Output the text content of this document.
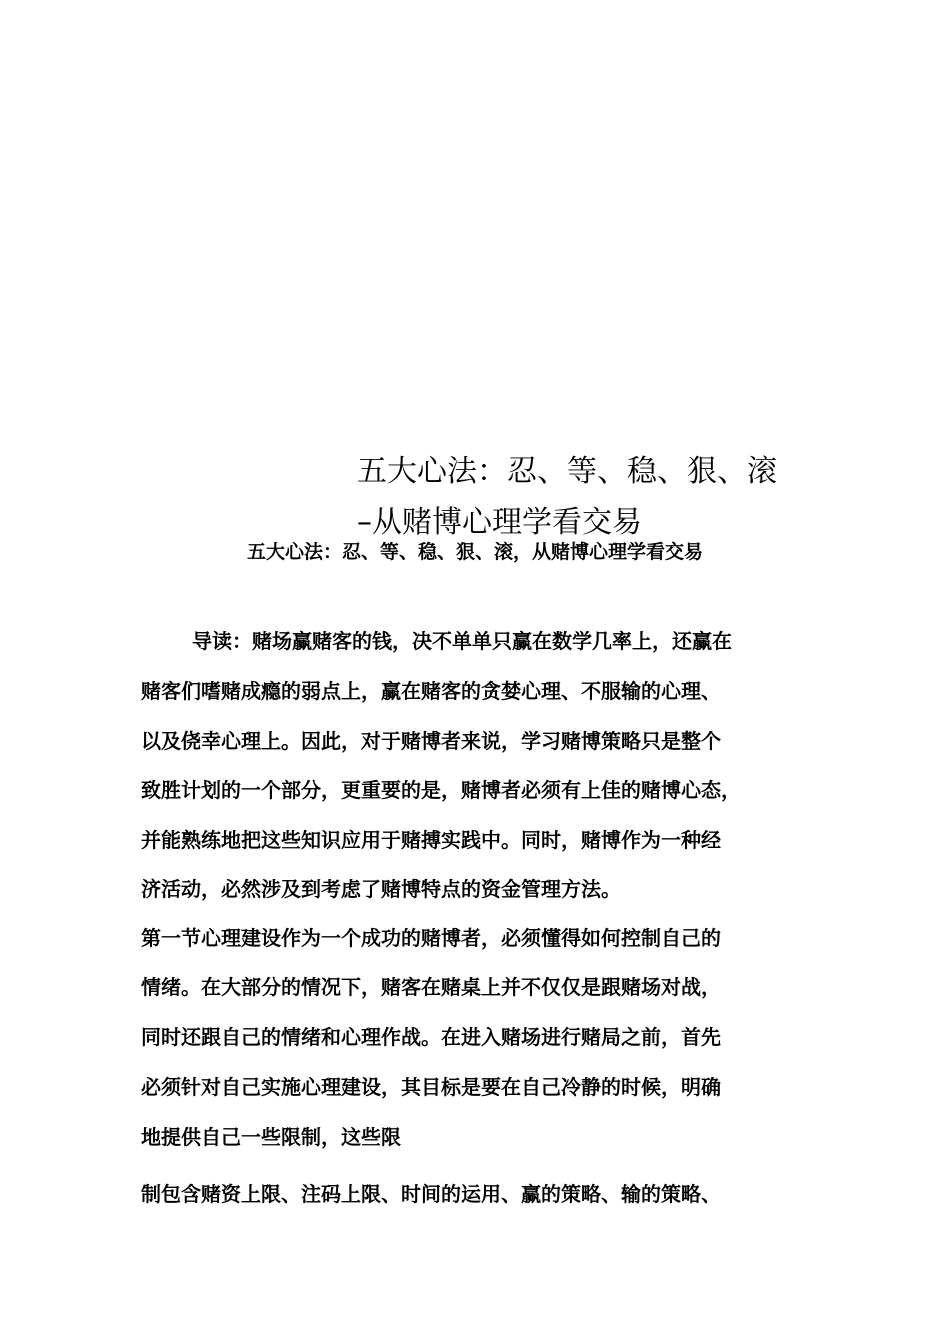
五大心法：忍、等、稳、狠、滚
–从赌博心理学看交易
五大心法：忍、等、稳、狠、滚，从赌博心理学看交易
导读：赌场赢赌客的钱，决不单单只赢在数学几率上，还赢在
赌客们嗜赌成瘾的弱点上，赢在赌客的贪婪心理、不服输的心理、
以及侥幸心理上。因此，对于赌博者来说，学习赌博策略只是整个
致胜计划的一个部分，更重要的是，赌博者必须有上佳的赌博心态，
并能熟练地把这些知识应用于赌搏实践中。同时，赌博作为一种经
济活动，必然涉及到考虑了赌博特点的资金管理方法。
第一节心理建设作为一个成功的赌博者，必须懂得如何控制自己的
情绪。在大部分的情况下，赌客在赌桌上并不仅仅是跟赌场对战，
同时还跟自己的情绪和心理作战。在进入赌场进行赌局之前，首先
必须针对自己实施心理建设，其目标是要在自己冷静的时候，明确
地提供自己一些限制，这些限
制包含赌资上限、注码上限、时间的运用、赢的策略、输的策略、
